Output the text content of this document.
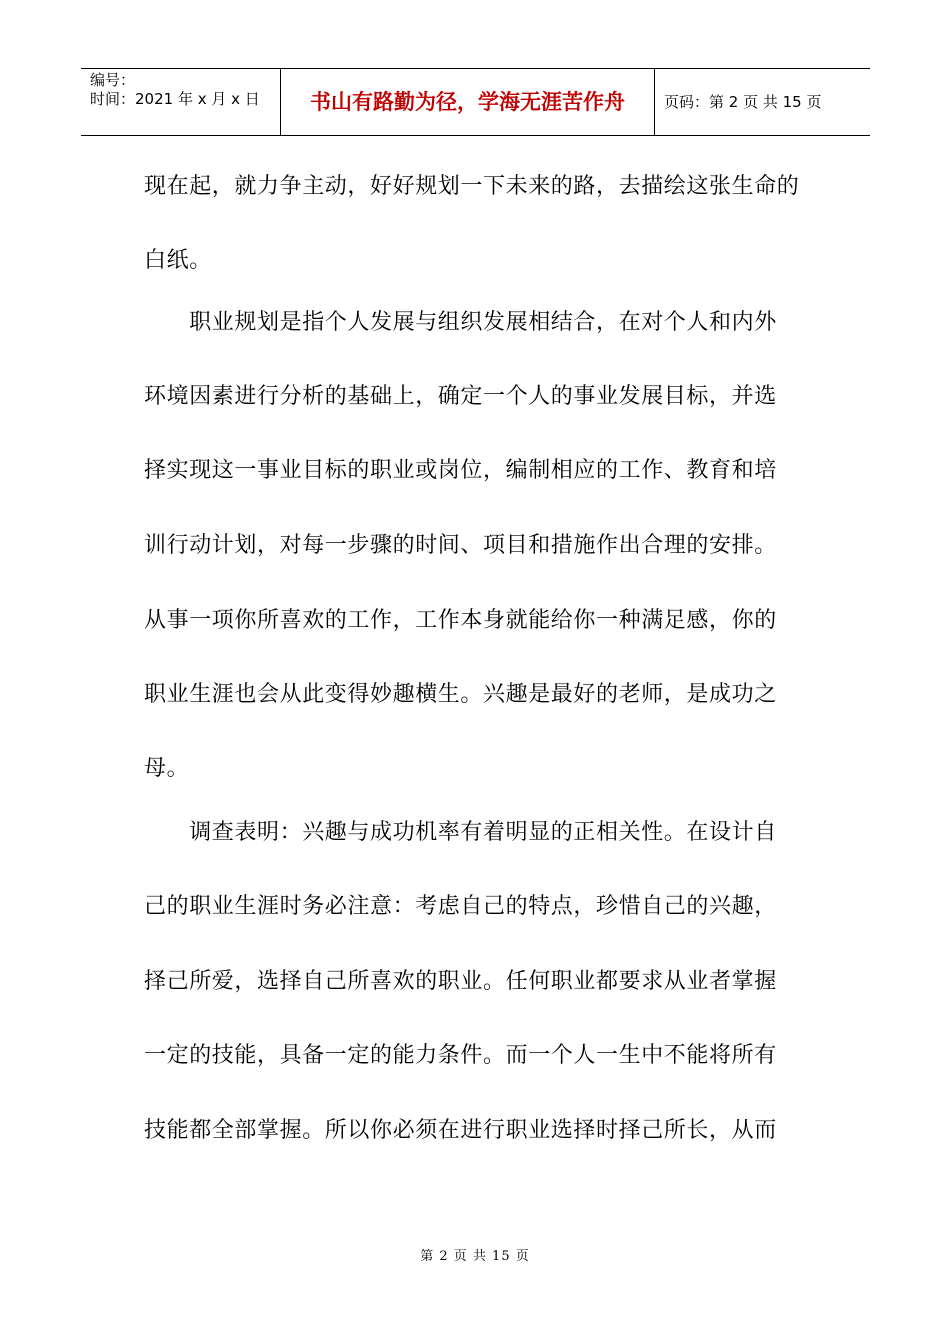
编号：
时间：2021 年 x 月 x 日	书山有路勤为径，学海无涯苦作舟	页码：第 2 页 共 15 页
现在起，就力争主动，好好规划一下未来的路，去描绘这张生命的
白纸。
　　职业规划是指个人发展与组织发展相结合，在对个人和内外
环境因素进行分析的基础上，确定一个人的事业发展目标，并选
择实现这一事业目标的职业或岗位，编制相应的工作、教育和培
训行动计划，对每一步骤的时间、项目和措施作出合理的安排。
从事一项你所喜欢的工作，工作本身就能给你一种满足感，你的
职业生涯也会从此变得妙趣横生。兴趣是最好的老师，是成功之
母。
　　调查表明：兴趣与成功机率有着明显的正相关性。在设计自
己的职业生涯时务必注意：考虑自己的特点，珍惜自己的兴趣，
择己所爱，选择自己所喜欢的职业。任何职业都要求从业者掌握
一定的技能，具备一定的能力条件。而一个人一生中不能将所有
技能都全部掌握。所以你必须在进行职业选择时择己所长，从而
第 2 页 共 15 页
